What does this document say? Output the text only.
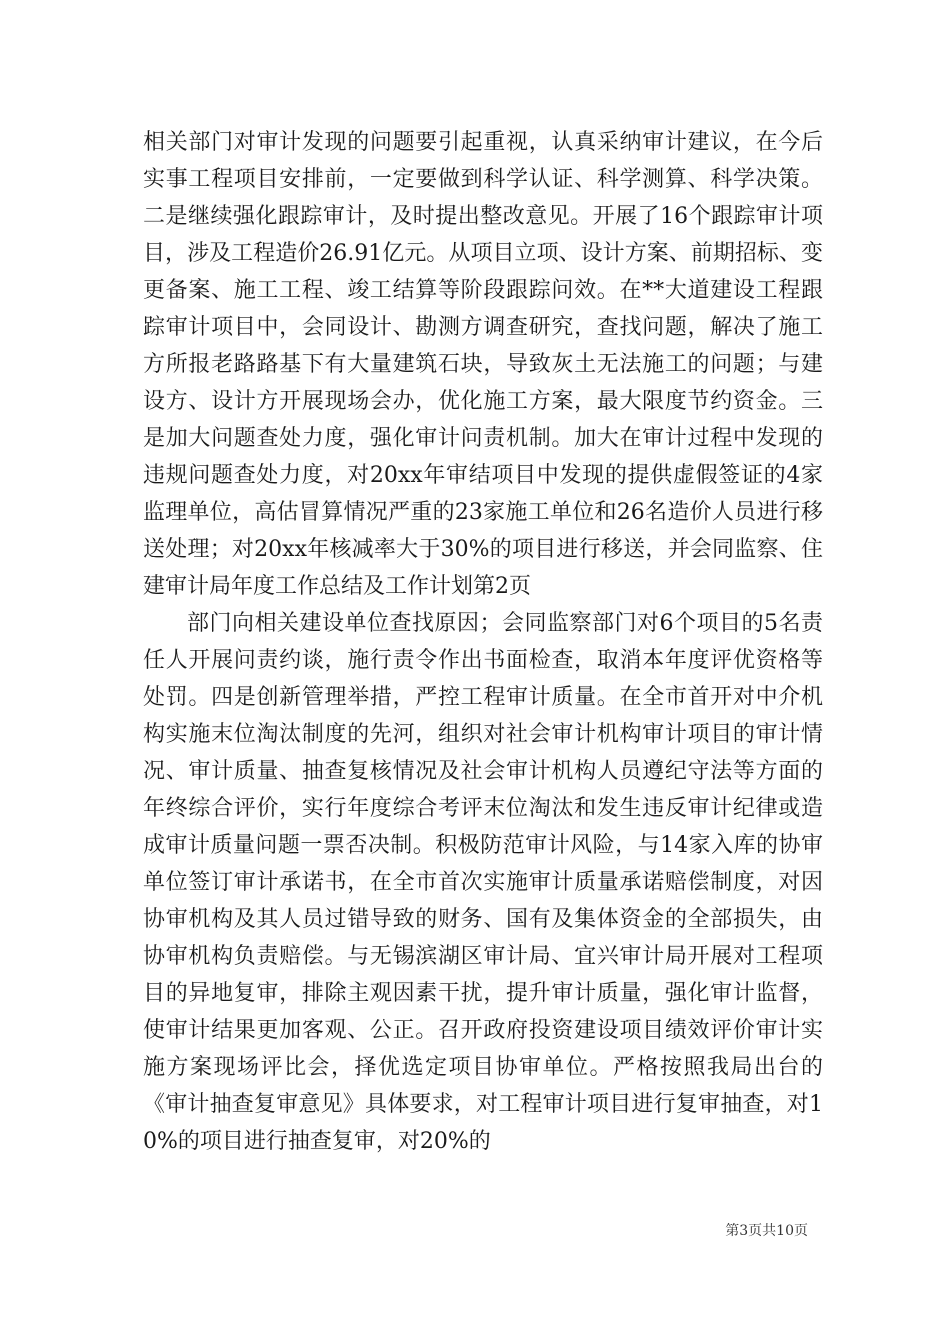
相关部门对审计发现的问题要引起重视，认真采纳审计建议，在今后实事工程项目安排前，一定要做到科学认证、科学测算、科学决策。二是继续强化跟踪审计，及时提出整改意见。开展了16个跟踪审计项目，涉及工程造价26.91亿元。从项目立项、设计方案、前期招标、变更备案、施工工程、竣工结算等阶段跟踪问效。在**大道建设工程跟踪审计项目中，会同设计、勘测方调查研究，查找问题，解决了施工方所报老路路基下有大量建筑石块，导致灰土无法施工的问题；与建设方、设计方开展现场会办，优化施工方案，最大限度节约资金。三是加大问题查处力度，强化审计问责机制。加大在审计过程中发现的违规问题查处力度，对20xx年审结项目中发现的提供虚假签证的4家监理单位，高估冒算情况严重的23家施工单位和26名造价人员进行移送处理；对20xx年核减率大于30%的项目进行移送，并会同监察、住建审计局年度工作总结及工作计划第2页

部门向相关建设单位查找原因；会同监察部门对6个项目的5名责任人开展问责约谈，施行责令作出书面检查，取消本年度评优资格等处罚。四是创新管理举措，严控工程审计质量。在全市首开对中介机构实施末位淘汰制度的先河，组织对社会审计机构审计项目的审计情况、审计质量、抽查复核情况及社会审计机构人员遵纪守法等方面的年终综合评价，实行年度综合考评末位淘汰和发生违反审计纪律或造成审计质量问题一票否决制。积极防范审计风险，与14家入库的协审单位签订审计承诺书，在全市首次实施审计质量承诺赔偿制度，对因协审机构及其人员过错导致的财务、国有及集体资金的全部损失，由协审机构负责赔偿。与无锡滨湖区审计局、宜兴审计局开展对工程项目的异地复审，排除主观因素干扰，提升审计质量，强化审计监督，使审计结果更加客观、公正。召开政府投资建设项目绩效评价审计实施方案现场评比会，择优选定项目协审单位。严格按照我局出台的《审计抽查复审意见》具体要求，对工程审计项目进行复审抽查，对10%的项目进行抽查复审，对20%的

第3页共10页
